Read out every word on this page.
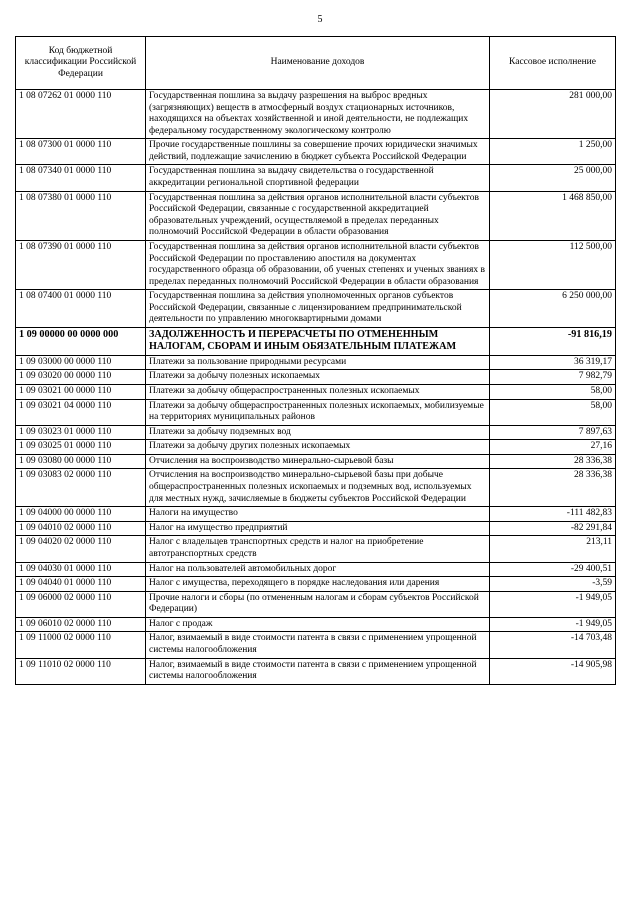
5
Код бюджетной классификации Российской Федерации	Наименование доходов	Кассовое исполнение
1 08 07262 01 0000 110	Государственная пошлина за выдачу разрешения на выброс вредных (загрязняющих) веществ в атмосферный воздух стационарных источников, находящихся на объектах хозяйственной и иной деятельности, не подлежащих федеральному государственному экологическому контролю	281 000,00
1 08 07300 01 0000 110	Прочие государственные пошлины за совершение прочих юридически значимых действий, подлежащие зачислению в бюджет субъекта Российской Федерации	1 250,00
1 08 07340 01 0000 110	Государственная пошлина за выдачу свидетельства о государственной аккредитации региональной спортивной федерации	25 000,00
1 08 07380 01 0000 110	Государственная пошлина за действия органов исполнительной власти субъектов Российской Федерации, связанные с государственной аккредитацией образовательных учреждений, осуществляемой в пределах переданных полномочий Российской Федерации в области образования	1 468 850,00
1 08 07390 01 0000 110	Государственная пошлина за действия органов исполнительной власти субъектов Российской Федерации по проставлению апостиля на документах государственного образца об образовании, об ученых степенях и ученых званиях в пределах переданных полномочий Российской Федерации в области образования	112 500,00
1 08 07400 01 0000 110	Государственная пошлина за действия уполномоченных органов субъектов Российской Федерации, связанные с лицензированием предпринимательской деятельности по управлению многоквартирными домами	6 250 000,00
1 09 00000 00 0000 000	ЗАДОЛЖЕННОСТЬ И ПЕРЕРАСЧЕТЫ ПО ОТМЕНЕННЫМ НАЛОГАМ, СБОРАМ И ИНЫМ ОБЯЗАТЕЛЬНЫМ ПЛАТЕЖАМ	-91 816,19
1 09 03000 00 0000 110	Платежи за пользование природными ресурсами	36 319,17
1 09 03020 00 0000 110	Платежи за добычу полезных ископаемых	7 982,79
1 09 03021 00 0000 110	Платежи за добычу общераспространенных полезных ископаемых	58,00
1 09 03021 04 0000 110	Платежи за добычу общераспространенных полезных ископаемых, мобилизуемые на территориях муниципальных районов	58,00
1 09 03023 01 0000 110	Платежи за добычу подземных вод	7 897,63
1 09 03025 01 0000 110	Платежи за добычу других полезных ископаемых	27,16
1 09 03080 00 0000 110	Отчисления на воспроизводство минерально-сырьевой базы	28 336,38
1 09 03083 02 0000 110	Отчисления на воспроизводство минерально-сырьевой базы при добыче общераспространенных полезных ископаемых и подземных вод, используемых для местных нужд, зачисляемые в бюджеты субъектов Российской Федерации	28 336,38
1 09 04000 00 0000 110	Налоги на имущество	-111 482,83
1 09 04010 02 0000 110	Налог на имущество предприятий	-82 291,84
1 09 04020 02 0000 110	Налог с владельцев транспортных средств и налог на приобретение автотранспортных средств	213,11
1 09 04030 01 0000 110	Налог на пользователей автомобильных дорог	-29 400,51
1 09 04040 01 0000 110	Налог с имущества, переходящего в порядке наследования или дарения	-3,59
1 09 06000 02 0000 110	Прочие налоги и сборы (по отмененным налогам и сборам субъектов Российской Федерации)	-1 949,05
1 09 06010 02 0000 110	Налог с продаж	-1 949,05
1 09 11000 02 0000 110	Налог, взимаемый в виде стоимости патента в связи с применением упрощенной системы налогообложения	-14 703,48
1 09 11010 02 0000 110	Налог, взимаемый в виде стоимости патента в связи с применением упрощенной системы налогообложения	-14 905,98
